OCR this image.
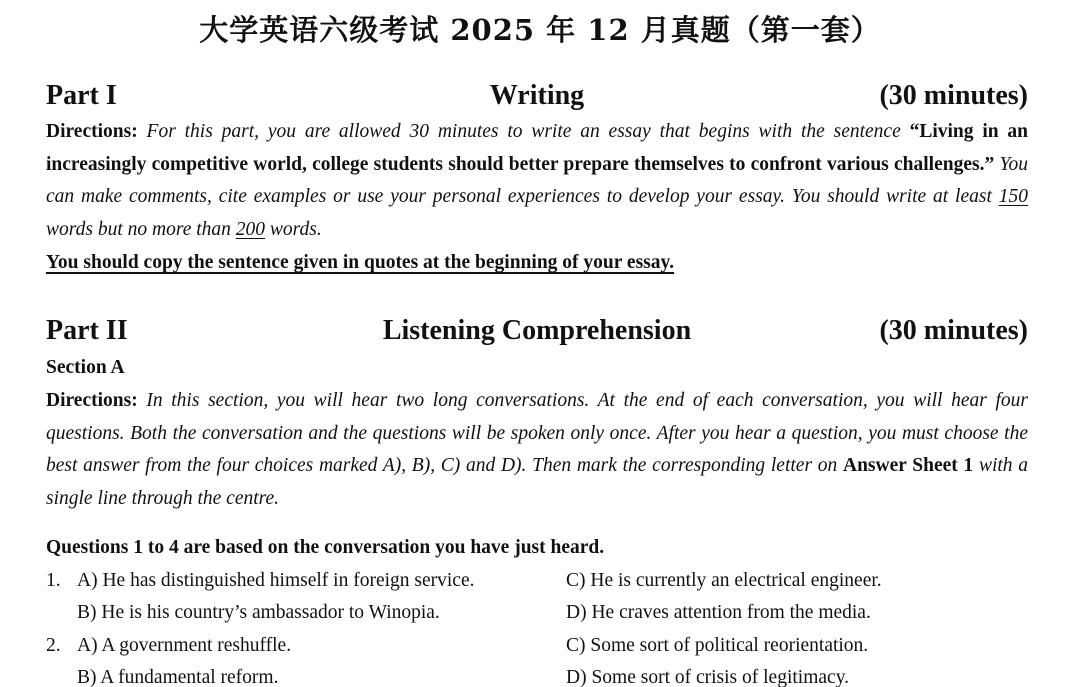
大学英语六级考试 2025 年 12 月真题（第一套）
Part I	Writing	(30 minutes)
Directions: For this part, you are allowed 30 minutes to write an essay that begins with the sentence “Living in an increasingly competitive world, college students should better prepare themselves to confront various challenges.” You can make comments, cite examples or use your personal experiences to develop your essay. You should write at least 150 words but no more than 200 words.
You should copy the sentence given in quotes at the beginning of your essay.
Part II	Listening Comprehension	(30 minutes)
Section A
Directions: In this section, you will hear two long conversations. At the end of each conversation, you will hear four questions. Both the conversation and the questions will be spoken only once. After you hear a question, you must choose the best answer from the four choices marked A), B), C) and D). Then mark the corresponding letter on Answer Sheet 1 with a single line through the centre.
Questions 1 to 4 are based on the conversation you have just heard.
1. A) He has distinguished himself in foreign service.	C) He is currently an electrical engineer.
B) He is his country’s ambassador to Winopia.	D) He craves attention from the media.
2. A) A government reshuffle.	C) Some sort of political reorientation.
B) A fundamental reform.	D) Some sort of crisis of legitimacy.
